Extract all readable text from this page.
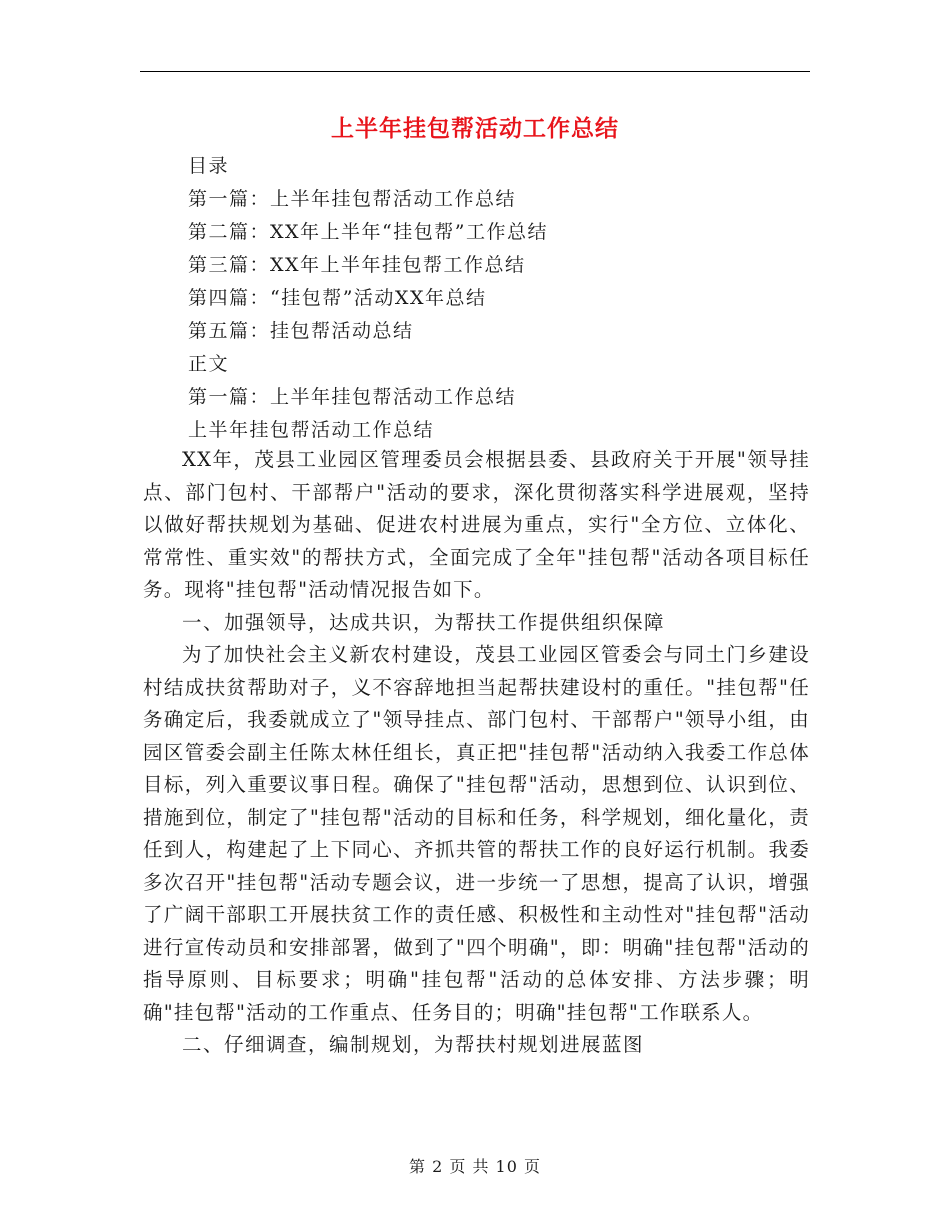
上半年挂包帮活动工作总结
目录
第一篇：上半年挂包帮活动工作总结
第二篇：XX年上半年“挂包帮”工作总结
第三篇：XX年上半年挂包帮工作总结
第四篇：“挂包帮”活动XX年总结
第五篇：挂包帮活动总结
正文
第一篇：上半年挂包帮活动工作总结
上半年挂包帮活动工作总结

XX年，茂县工业园区管理委员会根据县委、县政府关于开展"领导挂点、部门包村、干部帮户"活动的要求，深化贯彻落实科学进展观，坚持以做好帮扶规划为基础、促进农村进展为重点，实行"全方位、立体化、常常性、重实效"的帮扶方式，全面完成了全年"挂包帮"活动各项目标任务。现将"挂包帮"活动情况报告如下。

一、加强领导，达成共识，为帮扶工作提供组织保障

为了加快社会主义新农村建设，茂县工业园区管委会与同土门乡建设村结成扶贫帮助对子，义不容辞地担当起帮扶建设村的重任。"挂包帮"任务确定后，我委就成立了"领导挂点、部门包村、干部帮户"领导小组，由园区管委会副主任陈太林任组长，真正把"挂包帮"活动纳入我委工作总体目标，列入重要议事日程。确保了"挂包帮"活动，思想到位、认识到位、措施到位，制定了"挂包帮"活动的目标和任务，科学规划，细化量化，责任到人，构建起了上下同心、齐抓共管的帮扶工作的良好运行机制。我委多次召开"挂包帮"活动专题会议，进一步统一了思想，提高了认识，增强了广阔干部职工开展扶贫工作的责任感、积极性和主动性对"挂包帮"活动进行宣传动员和安排部署，做到了"四个明确"，即：明确"挂包帮"活动的指导原则、目标要求；明确"挂包帮"活动的总体安排、方法步骤；明确"挂包帮"活动的工作重点、任务目的；明确"挂包帮"工作联系人。

二、仔细调查，编制规划，为帮扶村规划进展蓝图

第 2 页 共 10 页
